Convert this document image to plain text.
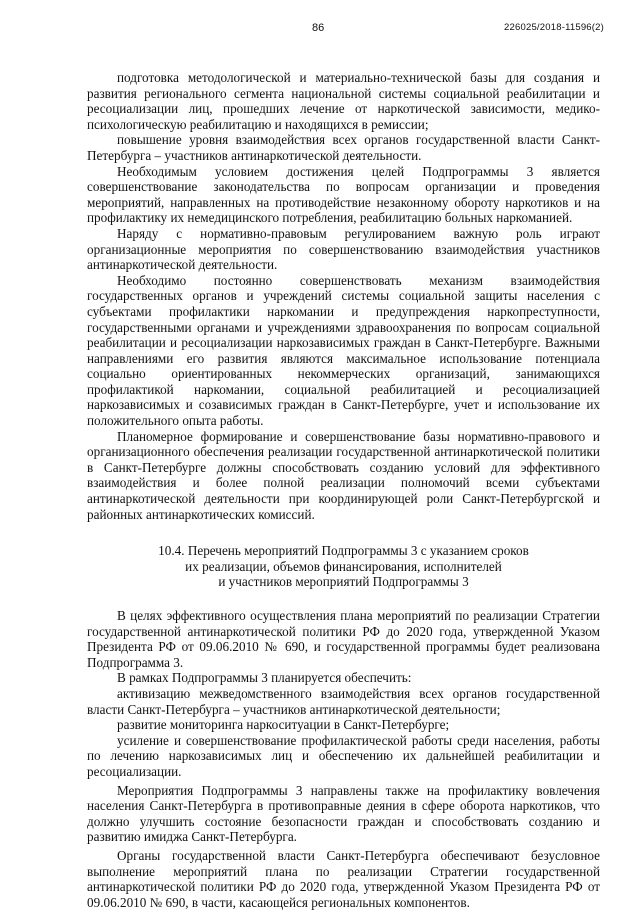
86	226025/2018-11596(2)

подготовка методологической и материально-технической базы для создания и развития регионального сегмента национальной системы социальной реабилитации и ресоциализации лиц, прошедших лечение от наркотической зависимости, медико-психологическую реабилитацию и находящихся в ремиссии;

повышение уровня взаимодействия всех органов государственной власти Санкт-Петербурга – участников антинаркотической деятельности.

Необходимым условием достижения целей Подпрограммы 3 является совершенствование законодательства по вопросам организации и проведения мероприятий, направленных на противодействие незаконному обороту наркотиков и на профилактику их немедицинского потребления, реабилитацию больных наркоманией.

Наряду с нормативно-правовым регулированием важную роль играют организационные мероприятия по совершенствованию взаимодействия участников антинаркотической деятельности.

Необходимо постоянно совершенствовать механизм взаимодействия государственных органов и учреждений системы социальной защиты населения с субъектами профилактики наркомании и предупреждения наркопреступности, государственными органами и учреждениями здравоохранения по вопросам социальной реабилитации и ресоциализации наркозависимых граждан в Санкт-Петербурге. Важными направлениями его развития являются максимальное использование потенциала социально ориентированных некоммерческих организаций, занимающихся профилактикой наркомании, социальной реабилитацией и ресоциализацией наркозависимых и созависимых граждан в Санкт-Петербурге, учет и использование их положительного опыта работы.

Планомерное формирование и совершенствование базы нормативно-правового и организационного обеспечения реализации государственной антинаркотической политики в Санкт-Петербурге должны способствовать созданию условий для эффективного взаимодействия и более полной реализации полномочий всеми субъектами антинаркотической деятельности при координирующей роли Санкт-Петербургской и районных антинаркотических комиссий.

10.4. Перечень мероприятий Подпрограммы 3 с указанием сроков
их реализации, объемов финансирования, исполнителей
и участников мероприятий Подпрограммы 3

В целях эффективного осуществления плана мероприятий по реализации Стратегии государственной антинаркотической политики РФ до 2020 года, утвержденной Указом Президента РФ от 09.06.2010 № 690, и государственной программы будет реализована Подпрограмма 3.

В рамках Подпрограммы 3 планируется обеспечить:

активизацию межведомственного взаимодействия всех органов государственной власти Санкт-Петербурга – участников антинаркотической деятельности;

развитие мониторинга наркоситуации в Санкт-Петербурге;

усиление и совершенствование профилактической работы среди населения, работы по лечению наркозависимых лиц и обеспечению их дальнейшей реабилитации и ресоциализации.

Мероприятия Подпрограммы 3 направлены также на профилактику вовлечения населения Санкт-Петербурга в противоправные деяния в сфере оборота наркотиков, что должно улучшить состояние безопасности граждан и способствовать созданию и развитию имиджа Санкт-Петербурга.

Органы государственной власти Санкт-Петербурга обеспечивают безусловное выполнение мероприятий плана по реализации Стратегии государственной антинаркотической политики РФ до 2020 года, утвержденной Указом Президента РФ от 09.06.2010 № 690, в части, касающейся региональных компонентов.
